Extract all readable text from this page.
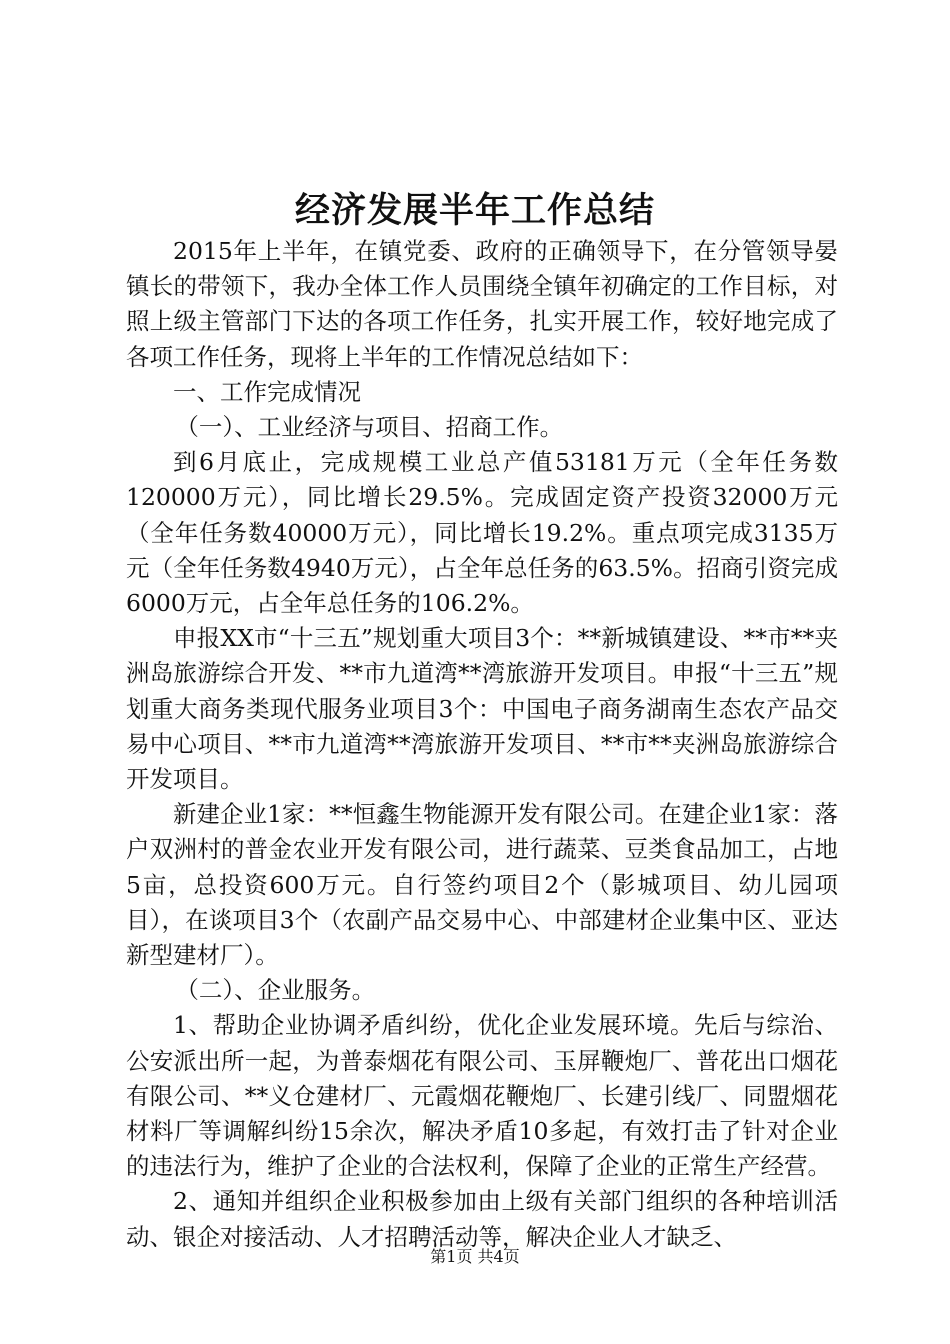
经济发展半年工作总结

2015年上半年，在镇党委、政府的正确领导下，在分管领导晏镇长的带领下，我办全体工作人员围绕全镇年初确定的工作目标，对照上级主管部门下达的各项工作任务，扎实开展工作，较好地完成了各项工作任务，现将上半年的工作情况总结如下：

一、工作完成情况

（一）、工业经济与项目、招商工作。

到6月底止，完成规模工业总产值53181万元（全年任务数120000万元），同比增长29.5%。完成固定资产投资32000万元（全年任务数40000万元），同比增长19.2%。重点项完成3135万元（全年任务数4940万元），占全年总任务的63.5%。招商引资完成6000万元，占全年总任务的106.2%。

申报XX市“十三五”规划重大项目3个：**新城镇建设、**市**夹洲岛旅游综合开发、**市九道湾**湾旅游开发项目。申报“十三五”规划重大商务类现代服务业项目3个：中国电子商务湖南生态农产品交易中心项目、**市九道湾**湾旅游开发项目、**市**夹洲岛旅游综合开发项目。

新建企业1家：**恒鑫生物能源开发有限公司。在建企业1家：落户双洲村的普金农业开发有限公司，进行蔬菜、豆类食品加工，占地5亩，总投资600万元。自行签约项目2个（影城项目、幼儿园项目），在谈项目3个（农副产品交易中心、中部建材企业集中区、亚达新型建材厂）。

（二）、企业服务。

1、帮助企业协调矛盾纠纷，优化企业发展环境。先后与综治、公安派出所一起，为普泰烟花有限公司、玉屏鞭炮厂、普花出口烟花有限公司、**义仓建材厂、元霞烟花鞭炮厂、长建引线厂、同盟烟花材料厂等调解纠纷15余次，解决矛盾10多起，有效打击了针对企业的违法行为，维护了企业的合法权利，保障了企业的正常生产经营。

2、通知并组织企业积极参加由上级有关部门组织的各种培训活动、银企对接活动、人才招聘活动等，解决企业人才缺乏、

第1页 共4页
